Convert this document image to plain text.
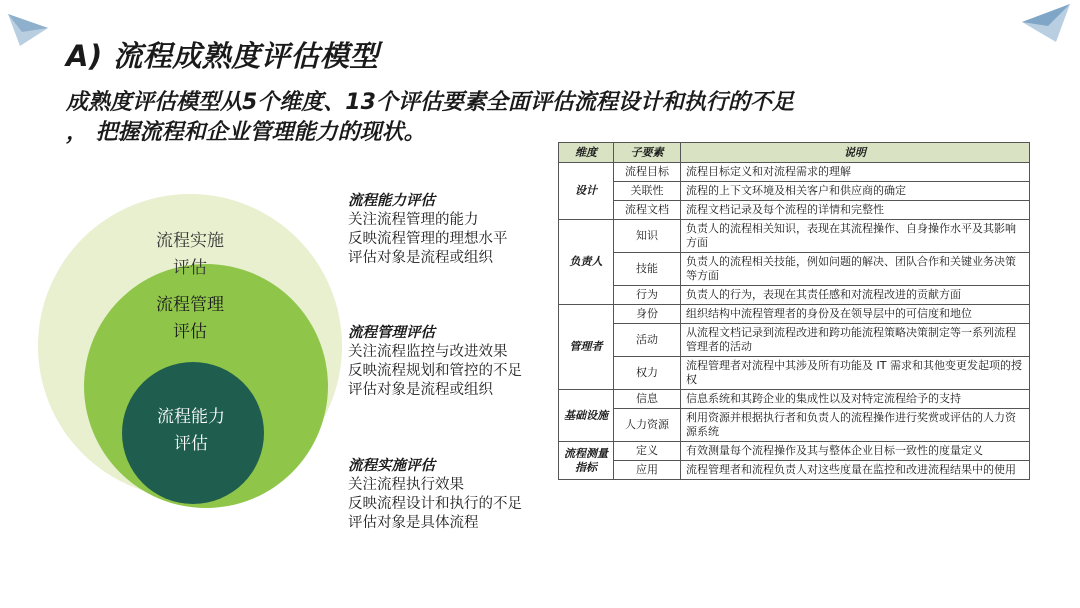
A) 流程成熟度评估模型
成熟度评估模型从5个维度、13个评估要素全面评估流程设计和执行的不足
， 把握流程和企业管理能力的现状。
流程实施
评估
流程管理
评估
流程能力
评估
流程能力评估
关注流程管理的能力
反映流程管理的理想水平
评估对象是流程或组织
流程管理评估
关注流程监控与改进效果
反映流程规划和管控的不足
评估对象是流程或组织
流程实施评估
关注流程执行效果
反映流程设计和执行的不足
评估对象是具体流程
维度	子要素	说明
设计	流程目标	流程目标定义和对流程需求的理解
	关联性	流程的上下文环境及相关客户和供应商的确定
	流程文档	流程文档记录及每个流程的详情和完整性
负责人	知识	负责人的流程相关知识，表现在其流程操作、自身操作水平及其影响方面
	技能	负责人的流程相关技能，例如问题的解决、团队合作和关键业务决策等方面
	行为	负责人的行为，表现在其责任感和对流程改进的贡献方面
管理者	身份	组织结构中流程管理者的身份及在领导层中的可信度和地位
	活动	从流程文档记录到流程改进和跨功能流程策略决策制定等一系列流程管理者的活动
	权力	流程管理者对流程中其涉及所有功能及 IT 需求和其他变更发起项的授权
基础设施	信息	信息系统和其跨企业的集成性以及对特定流程给予的支持
	人力资源	利用资源并根据执行者和负责人的流程操作进行奖赏或评估的人力资源系统
流程测量指标	定义	有效测量每个流程操作及其与整体企业目标一致性的度量定义
	应用	流程管理者和流程负责人对这些度量在监控和改进流程结果中的使用
